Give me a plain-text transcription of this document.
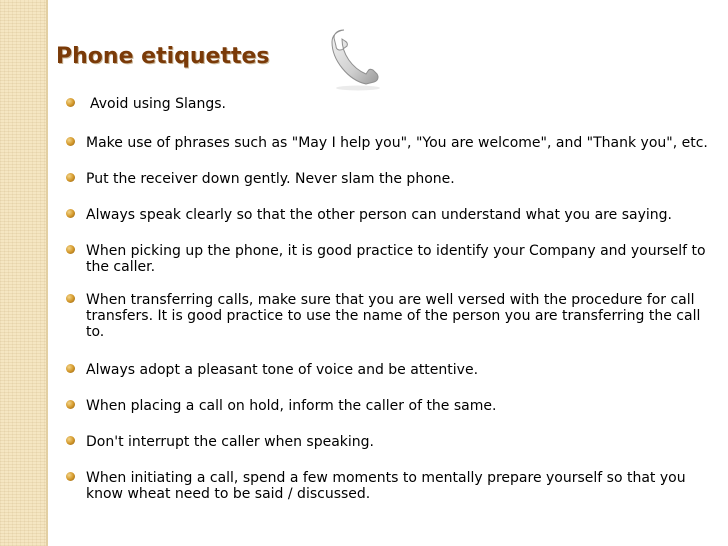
Phone etiquettes
Avoid using Slangs.
Make use of phrases such as "May I help you", "You are welcome", and "Thank you", etc.
Put the receiver down gently. Never slam the phone.
Always speak clearly so that the other person can understand what you are saying.
When picking up the phone, it is good practice to identify your Company and yourself to the caller.
When transferring calls, make sure that you are well versed with the procedure for call transfers. It is good practice to use the name of the person you are transferring the call to.
Always adopt a pleasant tone of voice and be attentive.
When placing a call on hold, inform the caller of the same.
Don't interrupt the caller when speaking.
When initiating a call, spend a few moments to mentally prepare yourself so that you know wheat need to be said / discussed.
